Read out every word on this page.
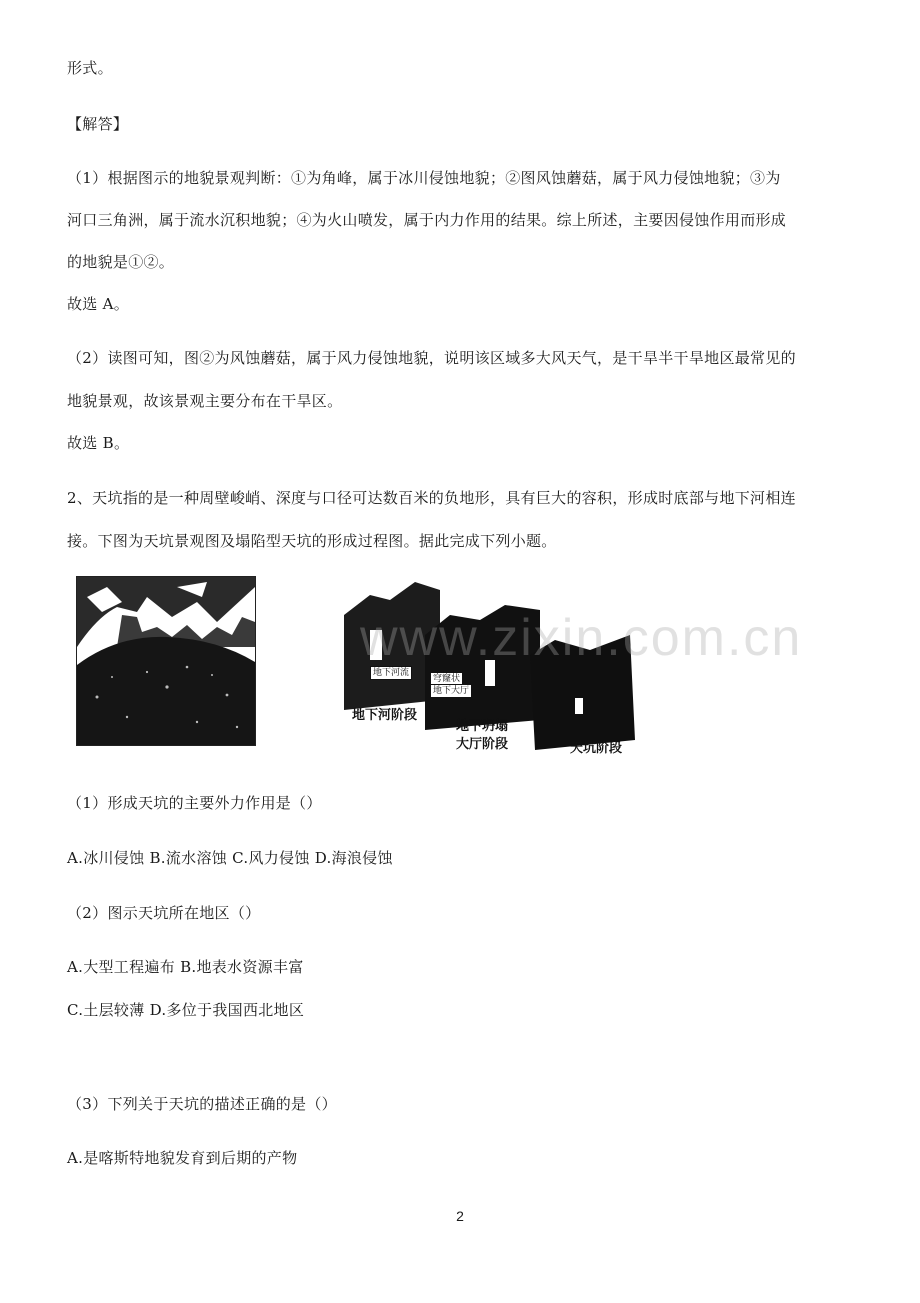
形式。
【解答】
（1）根据图示的地貌景观判断：①为角峰，属于冰川侵蚀地貌；②图风蚀蘑菇，属于风力侵蚀地貌；③为
河口三角洲，属于流水沉积地貌；④为火山喷发，属于内力作用的结果。综上所述，主要因侵蚀作用而形成
的地貌是①②。
故选 A。
（2）读图可知，图②为风蚀蘑菇，属于风力侵蚀地貌，说明该区域多大风天气，是干旱半干旱地区最常见的
地貌景观，故该景观主要分布在干旱区。
故选 B。
2、天坑指的是一种周壁峻峭、深度与口径可达数百米的负地形，具有巨大的容积，形成时底部与地下河相连
接。下图为天坑景观图及塌陷型天坑的形成过程图。据此完成下列小题。
地下河流
穹窿状
地下大厅
地下河阶段
地下坍塌
大厅阶段	天坑阶段
www.zixin.com.cn
（1）形成天坑的主要外力作用是（）
A.冰川侵蚀 B.流水溶蚀 C.风力侵蚀 D.海浪侵蚀
（2）图示天坑所在地区（）
A.大型工程遍布 B.地表水资源丰富
C.土层较薄 D.多位于我国西北地区
（3）下列关于天坑的描述正确的是（）
A.是喀斯特地貌发育到后期的产物
2
